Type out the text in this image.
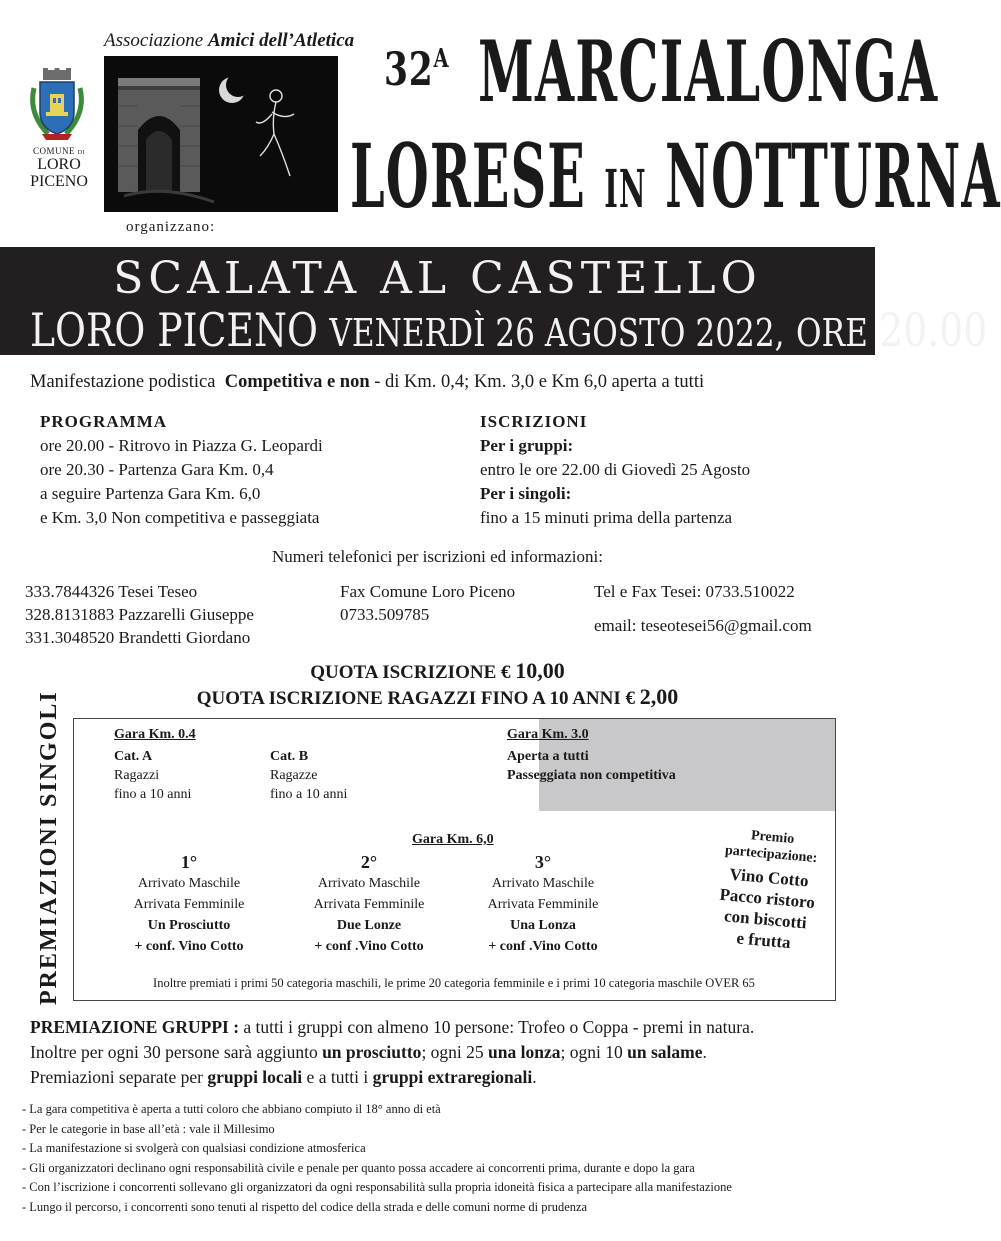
COMUNE DI
LORO
PICENO
Associazione Amici dell’Atletica
organizzano:
$32^A$ MARCIALONGA
LORESE IN NOTTURNA
SCALATA AL CASTELLO
LORO PICENO VENERDÌ 26 AGOSTO 2022, ORE 20.00
Manifestazione podistica Competitiva e non - di Km. 0,4; Km. 3,0 e Km 6,0 aperta a tutti
PROGRAMMA
ore 20.00 - Ritrovo in Piazza G. Leopardi
ore 20.30 - Partenza Gara Km. 0,4
a seguire Partenza Gara Km. 6,0
e Km. 3,0 Non competitiva e passeggiata
ISCRIZIONI
Per i gruppi:
entro le ore 22.00 di Giovedì 25 Agosto
Per i singoli:
fino a 15 minuti prima della partenza
Numeri telefonici per iscrizioni ed informazioni:
333.7844326 Tesei Teseo
328.8131883 Pazzarelli Giuseppe
331.3048520 Brandetti Giordano
Fax Comune Loro Piceno
0733.509785
Tel e Fax Tesei: 0733.510022
email: teseotesei56@gmail.com
QUOTA ISCRIZIONE € 10,00
QUOTA ISCRIZIONE RAGAZZI FINO A 10 ANNI € 2,00
PREMIAZIONI SINGOLI	Gara Km. 0.4
Cat. A
Ragazzi
fino a 10 anni
Cat. B
Ragazze
fino a 10 anni
Gara Km. 3.0
Aperta a tutti
Passeggiata non competitiva
Gara Km. 6,0
1°
Arrivato Maschile
Arrivata Femminile
Un Prosciutto
+ conf. Vino Cotto
2°
Arrivato Maschile
Arrivata Femminile
Due Lonze
+ conf .Vino Cotto
3°
Arrivato Maschile
Arrivata Femminile
Una Lonza
+ conf .Vino Cotto
Premio
partecipazione:
Vino Cotto
Pacco ristoro
con biscotti
e frutta
Inoltre premiati i primi 50 categoria maschili, le prime 20 categoria femminile e i primi 10 categoria maschile OVER 65
PREMIAZIONE GRUPPI : a tutti i gruppi con almeno 10 persone: Trofeo o Coppa - premi in natura.
Inoltre per ogni 30 persone sarà aggiunto un prosciutto; ogni 25 una lonza; ogni 10 un salame.
Premiazioni separate per gruppi locali e a tutti i gruppi extraregionali.
- La gara competitiva è aperta a tutti coloro che abbiano compiuto il 18° anno di età
- Per le categorie in base all’età : vale il Millesimo
- La manifestazione si svolgerà con qualsiasi condizione atmosferica
- Gli organizzatori declinano ogni responsabilità civile e penale per quanto possa accadere ai concorrenti prima, durante e dopo la gara
- Con l’iscrizione i concorrenti sollevano gli organizzatori da ogni responsabilità sulla propria idoneità fisica a partecipare alla manifestazione
- Lungo il percorso, i concorrenti sono tenuti al rispetto del codice della strada e delle comuni norme di prudenza
